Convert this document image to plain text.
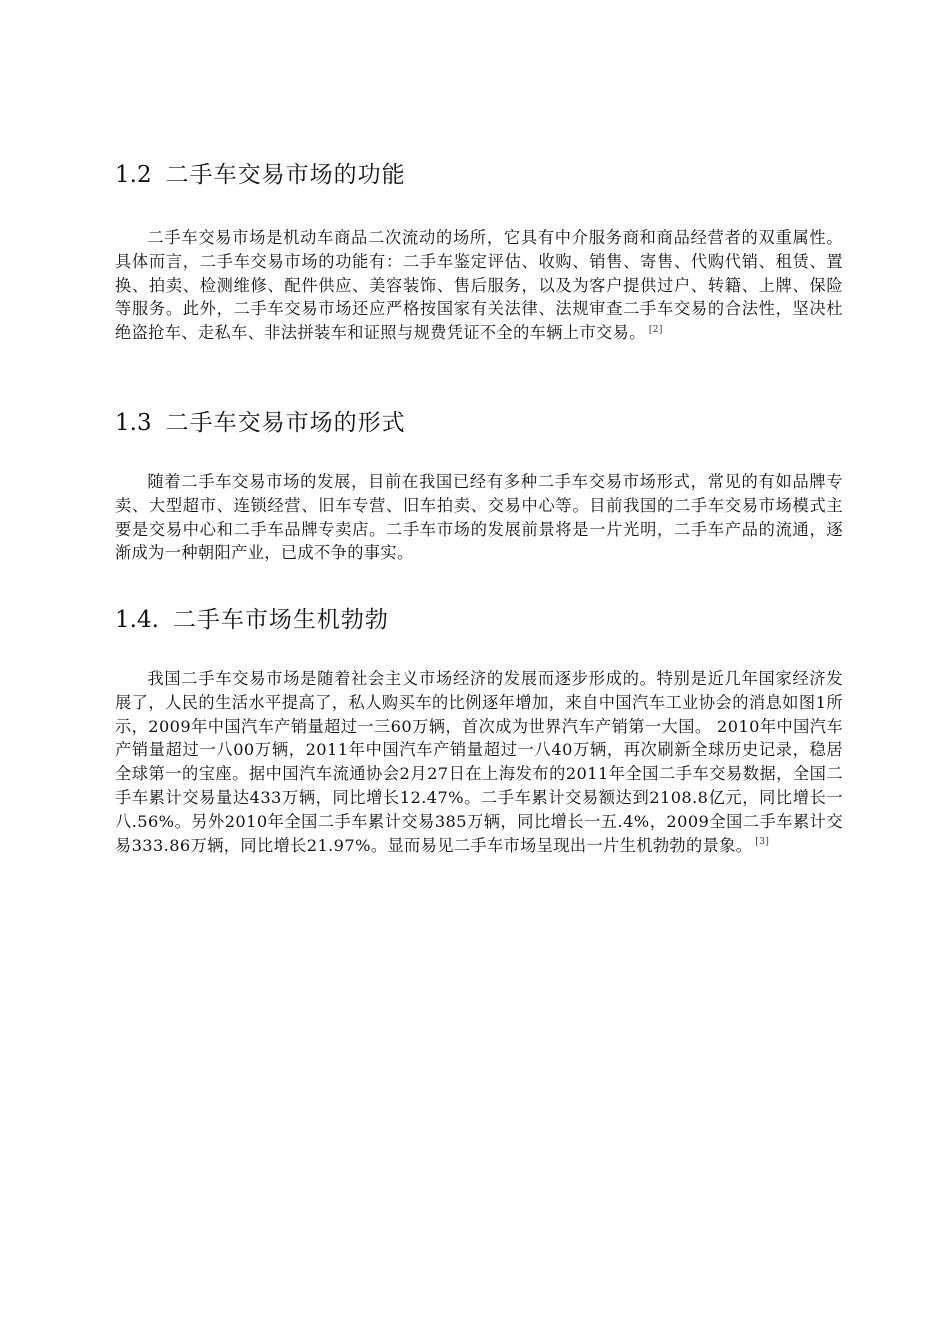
1.2 二手车交易市场的功能

二手车交易市场是机动车商品二次流动的场所，它具有中介服务商和商品经营者的双重属性。具体而言，二手车交易市场的功能有：二手车鉴定评估、收购、销售、寄售、代购代销、租赁、置换、拍卖、检测维修、配件供应、美容装饰、售后服务，以及为客户提供过户、转籍、上牌、保险等服务。此外，二手车交易市场还应严格按国家有关法律、法规审查二手车交易的合法性，坚决杜绝盗抢车、走私车、非法拼装车和证照与规费凭证不全的车辆上市交易。 [2]

1.3 二手车交易市场的形式

随着二手车交易市场的发展，目前在我国已经有多种二手车交易市场形式，常见的有如品牌专卖、大型超市、连锁经营、旧车专营、旧车拍卖、交易中心等。目前我国的二手车交易市场模式主要是交易中心和二手车品牌专卖店。二手车市场的发展前景将是一片光明，二手车产品的流通，逐渐成为一种朝阳产业，已成不争的事实。

1.4. 二手车市场生机勃勃

我国二手车交易市场是随着社会主义市场经济的发展而逐步形成的。特别是近几年国家经济发展了，人民的生活水平提高了，私人购买车的比例逐年增加，来自中国汽车工业协会的消息如图1所示，2009年中国汽车产销量超过一三60万辆，首次成为世界汽车产销第一大国。 2010年中国汽车产销量超过一八00万辆，2011年中国汽车产销量超过一八40万辆，再次刷新全球历史记录，稳居全球第一的宝座。据中国汽车流通协会2月27日在上海发布的2011年全国二手车交易数据，全国二手车累计交易量达433万辆，同比增长12.47%。二手车累计交易额达到2108.8亿元，同比增长一八.56%。另外2010年全国二手车累计交易385万辆，同比增长一五.4%，2009全国二手车累计交易333.86万辆，同比增长21.97%。显而易见二手车市场呈现出一片生机勃勃的景象。 [3]
